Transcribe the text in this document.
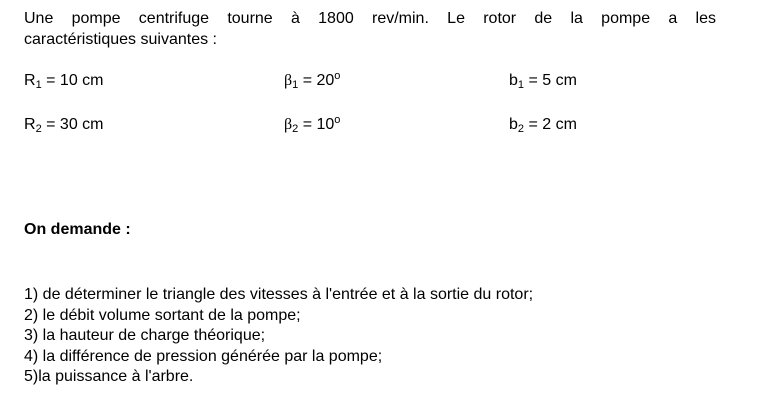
Une pompe centrifuge tourne à 1800 rev/min. Le rotor de la pompe a les
caractéristiques suivantes :
$R_1 = 10$ cm	$\beta_1 = 20^o$	$b_1 = 5$ cm
$R_2 = 30$ cm	$\beta_2 = 10^o$	$b_2 = 2$ cm
On demande :
1) de déterminer le triangle des vitesses à l'entrée et à la sortie du rotor;
2) le débit volume sortant de la pompe;
3) la hauteur de charge théorique;
4) la différence de pression générée par la pompe;
5)la puissance à l'arbre.
